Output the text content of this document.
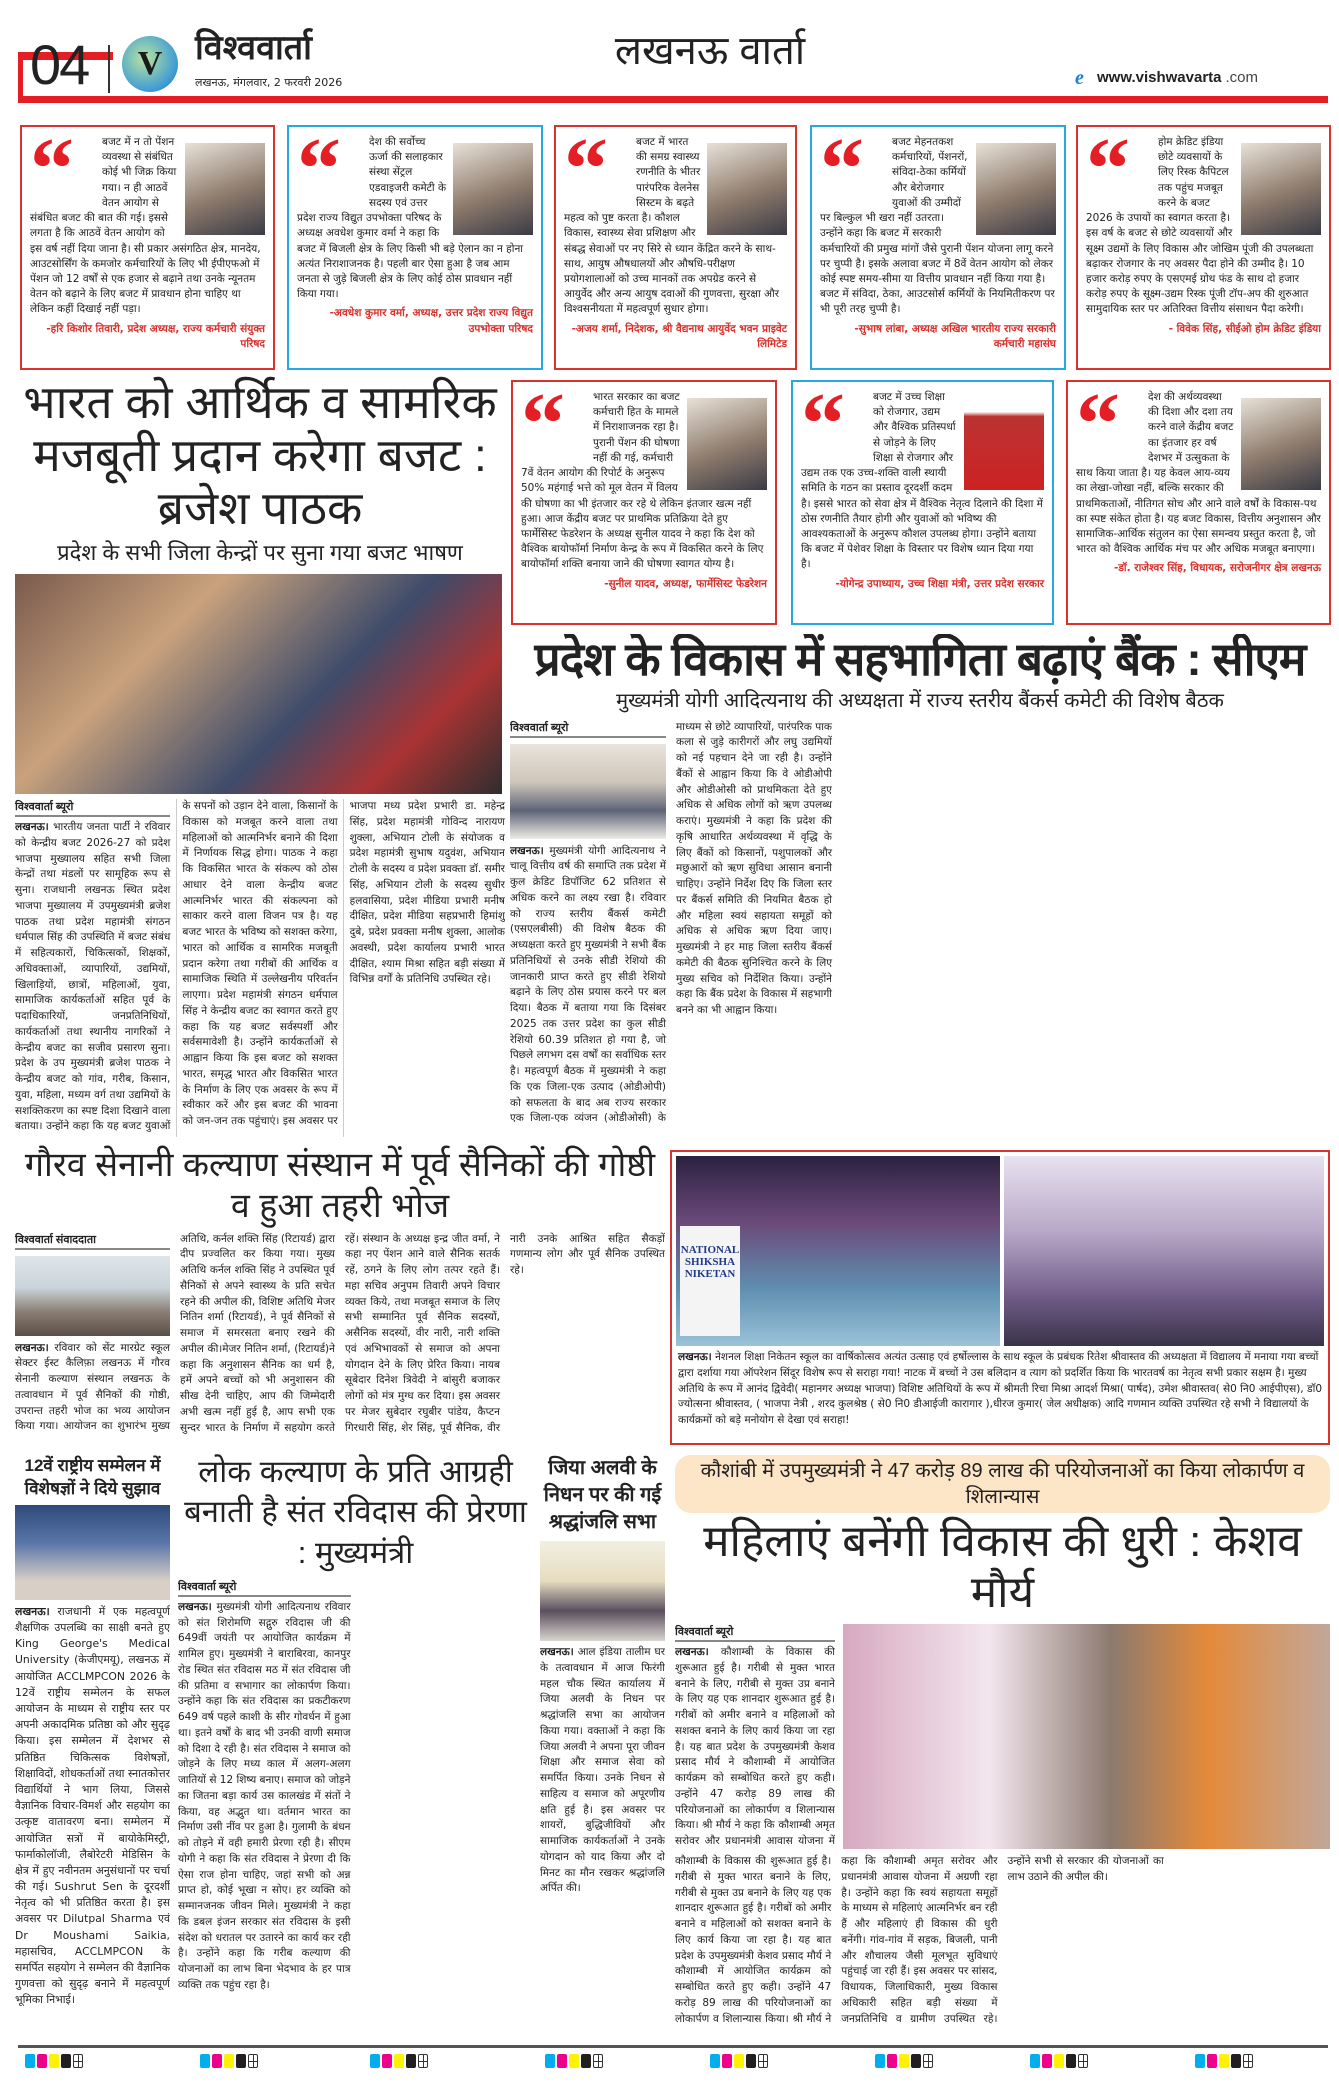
04	V विश्ववार्ता
लखनऊ, मंगलवार, 2 फरवरी 2026
लखनऊ वार्ता
e www.vishwavarta .com
“	बजट में न तो पेंशन व्यवस्था से संबंधित कोई भी जिक्र किया गया। न ही आठवें वेतन आयोग से संबंधित बजट की बात की गई। इससे लगता है कि आठवें वेतन आयोग को इस वर्ष नहीं दिया जाना है। सी प्रकार असंगठित क्षेत्र, मानदेय, आउटसोर्सिंग के कमजोर कर्मचारियों के लिए भी ईपीएफओ में पेंशन जो 12 वर्षों से एक हजार से बढ़ाने तथा उनके न्यूनतम वेतन को बढ़ाने के लिए बजट में प्रावधान होना चाहिए था लेकिन कहीं दिखाई नहीं पड़ा।
-हरि किशोर तिवारी, प्रदेश अध्यक्ष, राज्य कर्मचारी संयुक्त परिषद
“	देश की सर्वोच्च ऊर्जा की सलाहकार संस्था सेंट्रल एडवाइजरी कमेटी के सदस्य एवं उत्तर प्रदेश राज्य विद्युत उपभोक्ता परिषद के अध्यक्ष अवधेश कुमार वर्मा ने कहा कि बजट में बिजली क्षेत्र के लिए किसी भी बड़े ऐलान का न होना अत्यंत निराशाजनक है। पहली बार ऐसा हुआ है जब आम जनता से जुड़े बिजली क्षेत्र के लिए कोई ठोस प्रावधान नहीं किया गया।
-अवधेश कुमार वर्मा, अध्यक्ष, उत्तर प्रदेश राज्य विद्युत उपभोक्ता परिषद
“	बजट में भारत की समग्र स्वास्थ्य रणनीति के भीतर पारंपरिक वेलनेस सिस्टम के बढ़ते महत्व को पुष्ट करता है। कौशल विकास, स्वास्थ्य सेवा प्रशिक्षण और संबद्ध सेवाओं पर नए सिरे से ध्यान केंद्रित करने के साथ-साथ, आयुष औषधालयों और औषधि-परीक्षण प्रयोगशालाओं को उच्च मानकों तक अपग्रेड करने से आयुर्वेद और अन्य आयुष दवाओं की गुणवत्ता, सुरक्षा और विश्वसनीयता में महत्वपूर्ण सुधार होगा।
-अजय शर्मा, निदेशक, श्री वैद्यनाथ आयुर्वेद भवन प्राइवेट लिमिटेड
“	बजट मेहनतकश कर्मचारियों, पेंशनरों, संविदा-ठेका कर्मियों और बेरोजगार युवाओं की उम्मीदों पर बिल्कुल भी खरा नहीं उतरता। उन्होंने कहा कि बजट में सरकारी कर्मचारियों की प्रमुख मांगों जैसे पुरानी पेंशन योजना लागू करने पर चुप्पी है। इसके अलावा बजट में 8वें वेतन आयोग को लेकर कोई स्पष्ट समय-सीमा या वित्तीय प्रावधान नहीं किया गया है। बजट में संविदा, ठेका, आउटसोर्स कर्मियों के नियमितीकरण पर भी पूरी तरह चुप्पी है।
-सुभाष लांबा, अध्यक्ष अखिल भारतीय राज्य सरकारी कर्मचारी महासंघ
“	होम क्रेडिट इंडिया छोटे व्यवसायों के लिए रिस्क कैपिटल तक पहुंच मजबूत करने के बजट 2026 के उपायों का स्वागत करता है। इस वर्ष के बजट से छोटे व्यवसायों और सूक्ष्म उद्यमों के लिए विकास और जोखिम पूंजी की उपलब्धता बढ़ाकर रोजगार के नए अवसर पैदा होने की उम्मीद है। 10 हजार करोड़ रुपए के एसएमई ग्रोथ फंड के साथ दो हजार करोड़ रुपए के सूक्ष्म-उद्यम रिस्क पूंजी टॉप-अप की शुरुआत सामुदायिक स्तर पर अतिरिक्त वित्तीय संसाधन पैदा करेगी।
- विवेक सिंह, सीईओ होम क्रेडिट इंडिया
भारत को आर्थिक व सामरिक मजबूती प्रदान करेगा बजट : ब्रजेश पाठक
प्रदेश के सभी जिला केन्द्रों पर सुना गया बजट भाषण
विश्ववार्ता ब्यूरोलखनऊ। भारतीय जनता पार्टी ने रविवार को केन्द्रीय बजट 2026-27 को प्रदेश भाजपा मुख्यालय सहित सभी जिला केन्द्रों तथा मंडलों पर सामूहिक रूप से सुना। राजधानी लखनऊ स्थित प्रदेश भाजपा मुख्यालय में उपमुख्यमंत्री ब्रजेश पाठक तथा प्रदेश महामंत्री संगठन धर्मपाल सिंह की उपस्थिति में बजट संबंध में सहित्यकारों, चिकित्सकों, शिक्षकों, अधिवक्ताओं, व्यापारियों, उद्यमियों, खिलाड़ियों, छात्रों, महिलाओं, युवा, सामाजिक कार्यकर्ताओं सहित पूर्व के पदाधिकारियों, जनप्रतिनिधियों, कार्यकर्ताओं तथा स्थानीय नागरिकों ने केन्द्रीय बजट का सजीव प्रसारण सुना। प्रदेश के उप मुख्यमंत्री ब्रजेश पाठक ने केन्द्रीय बजट को गांव, गरीब, किसान, युवा, महिला, मध्यम वर्ग तथा उद्यमियों के सशक्तिकरण का स्पष्ट दिशा दिखाने वाला बताया। उन्होंने कहा कि यह बजट युवाओं के सपनों को उड़ान देने वाला, किसानों के विकास को मजबूत करने वाला तथा महिलाओं को आत्मनिर्भर बनाने की दिशा में निर्णायक सिद्ध होगा। पाठक ने कहा कि विकसित भारत के संकल्प को ठोस आधार देने वाला केन्द्रीय बजट आत्मनिर्भर भारत की संकल्पना को साकार करने वाला विजन पत्र है। यह बजट भारत के भविष्य को सशक्त करेगा, भारत को आर्थिक व सामरिक मजबूती प्रदान करेगा तथा गरीबों की आर्थिक व सामाजिक स्थिति में उल्लेखनीय परिवर्तन लाएगा। प्रदेश महामंत्री संगठन धर्मपाल सिंह ने केन्द्रीय बजट का स्वागत करते हुए कहा कि यह बजट सर्वस्पर्शी और सर्वसमावेशी है। उन्होंने कार्यकर्ताओं से आह्वान किया कि इस बजट को सशक्त भारत, समृद्ध भारत और विकसित भारत के निर्माण के लिए एक अवसर के रूप में स्वीकार करें और इस बजट की भावना को जन-जन तक पहुंचाएं। इस अवसर पर भाजपा मध्य प्रदेश प्रभारी डा. महेन्द्र सिंह, प्रदेश महामंत्री गोविन्द नारायण शुक्ला, अभियान टोली के संयोजक व प्रदेश महामंत्री सुभाष यदुवंश, अभियान टोली के सदस्य व प्रदेश प्रवक्ता डॉ. समीर सिंह, अभियान टोली के सदस्य सुधीर हलवासिया, प्रदेश मीडिया प्रभारी मनीष दीक्षित, प्रदेश मीडिया सहप्रभारी हिमांशु दुबे, प्रदेश प्रवक्ता मनीष शुक्ला, आलोक अवस्थी, प्रदेश कार्यालय प्रभारी भारत दीक्षित, श्याम मिश्रा सहित बड़ी संख्या में विभिन्न वर्गों के प्रतिनिधि उपस्थित रहे।
“	भारत सरकार का बजट कर्मचारी हित के मामले में निराशाजनक रहा है। पुरानी पेंशन की घोषणा नहीं की गई, कर्मचारी 7वें वेतन आयोग की रिपोर्ट के अनुरूप 50% महंगाई भत्ते को मूल वेतन में विलय की घोषणा का भी इंतजार कर रहे थे लेकिन इंतजार खत्म नहीं हुआ। आज केंद्रीय बजट पर प्राथमिक प्रतिक्रिया देते हुए फार्मेसिस्ट फेडरेशन के अध्यक्ष सुनील यादव ने कहा कि देश को वैश्विक बायोफॉर्मा निर्माण केन्द्र के रूप में विकसित करने के लिए बायोफॉर्मा शक्ति बनाया जाने की घोषणा स्वागत योग्य है।
-सुनील यादव, अध्यक्ष, फार्मेसिस्ट फेडरेशन
“	बजट में उच्च शिक्षा को रोजगार, उद्यम और वैश्विक प्रतिस्पर्धा से जोड़ने के लिए शिक्षा से रोजगार और उद्यम तक एक उच्च-शक्ति वाली स्थायी समिति के गठन का प्रस्ताव दूरदर्शी कदम है। इससे भारत को सेवा क्षेत्र में वैश्विक नेतृत्व दिलाने की दिशा में ठोस रणनीति तैयार होगी और युवाओं को भविष्य की आवश्यकताओं के अनुरूप कौशल उपलब्ध होगा। उन्होंने बताया कि बजट में पेशेवर शिक्षा के विस्तार पर विशेष ध्यान दिया गया है।
-योगेन्द्र उपाध्याय, उच्च शिक्षा मंत्री, उत्तर प्रदेश सरकार
“	देश की अर्थव्यवस्था की दिशा और दशा तय करने वाले केंद्रीय बजट का इंतजार हर वर्ष देशभर में उत्सुकता के साथ किया जाता है। यह केवल आय-व्यय का लेखा-जोखा नहीं, बल्कि सरकार की प्राथमिकताओं, नीतिगत सोच और आने वाले वर्षों के विकास-पथ का स्पष्ट संकेत होता है। यह बजट विकास, वित्तीय अनुशासन और सामाजिक-आर्थिक संतुलन का ऐसा समन्वय प्रस्तुत करता है, जो भारत को वैश्विक आर्थिक मंच पर और अधिक मजबूत बनाएगा।
-डॉ. राजेश्वर सिंह, विधायक, सरोजनीगर क्षेत्र लखनऊ
प्रदेश के विकास में सहभागिता बढ़ाएं बैंक : सीएम
मुख्यमंत्री योगी आदित्यनाथ की अध्यक्षता में राज्य स्तरीय बैंकर्स कमेटी की विशेष बैठक
विश्ववार्ता ब्यूरो
लखनऊ। मुख्यमंत्री योगी आदित्यनाथ ने चालू वित्तीय वर्ष की समाप्ति तक प्रदेश में कुल क्रेडिट डिपॉजिट 62 प्रतिशत से अधिक करने का लक्ष्य रखा है। रविवार को राज्य स्तरीय बैंकर्स कमेटी (एसएलबीसी) की विशेष बैठक की अध्यक्षता करते हुए मुख्यमंत्री ने सभी बैंक प्रतिनिधियों से उनके सीडी रेशियो की जानकारी प्राप्त करते हुए सीडी रेशियो बढ़ाने के लिए ठोस प्रयास करने पर बल दिया। बैठक में बताया गया कि दिसंबर 2025 तक उत्तर प्रदेश का कुल सीडी रेशियो 60.39 प्रतिशत हो गया है, जो पिछले लगभग दस वर्षों का सर्वाधिक स्तर है। महत्वपूर्ण बैठक में मुख्यमंत्री ने कहा कि एक जिला-एक उत्पाद (ओडीओपी) को सफलता के बाद अब राज्य सरकार एक जिला-एक व्यंजन (ओडीओसी) के माध्यम से छोटे व्यापारियों, पारंपरिक पाक कला से जुड़े कारीगरों और लघु उद्यमियों को नई पहचान देने जा रही है। उन्होंने बैंकों से आह्वान किया कि वे ओडीओपी और ओडीओसी को प्राथमिकता देते हुए अधिक से अधिक लोगों को ऋण उपलब्ध कराएं। मुख्यमंत्री ने कहा कि प्रदेश की कृषि आधारित अर्थव्यवस्था में वृद्धि के लिए बैंकों को किसानों, पशुपालकों और मछुआरों को ऋण सुविधा आसान बनानी चाहिए। उन्होंने निर्देश दिए कि जिला स्तर पर बैंकर्स समिति की नियमित बैठक हो और महिला स्वयं सहायता समूहों को अधिक से अधिक ऋण दिया जाए। मुख्यमंत्री ने हर माह जिला स्तरीय बैंकर्स कमेटी की बैठक सुनिश्चित करने के लिए मुख्य सचिव को निर्देशित किया। उन्होंने कहा कि बैंक प्रदेश के विकास में सहभागी बनने का भी आह्वान किया।
गौरव सेनानी कल्याण संस्थान में पूर्व सैनिकों की गोष्ठी व हुआ तहरी भोज
विश्ववार्ता संवाददाता
लखनऊ। रविवार को सेंट मारग्रेट स्कूल सेक्टर ईस्ट कैलिफ़ा लखनऊ में गौरव सेनानी कल्याण संस्थान लखनऊ के तत्वावधान में पूर्व सैनिकों की गोष्ठी, उपरान्त तहरी भोज का भव्य आयोजन किया गया। आयोजन का शुभारंभ मुख्य अतिथि, कर्नल शक्ति सिंह (रिटायर्ड) द्वारा दीप प्रज्वलित कर किया गया। मुख्य अतिथि कर्नल शक्ति सिंह ने उपस्थित पूर्व सैनिकों से अपने स्वास्थ्य के प्रति सचेत रहने की अपील की, विशिष्ट अतिथि मेजर नितिन शर्मा (रिटायर्ड), ने पूर्व सैनिकों से समाज में समरसता बनाए रखने की अपील की।मेजर नितिन शर्मा, (रिटायर्ड)ने कहा कि अनुशासन सैनिक का धर्म है, हमें अपने बच्चों को भी अनुशासन की सीख देनी चाहिए, आप की जिम्मेदारी अभी खत्म नहीं हुई है, आप सभी एक सुन्दर भारत के निर्माण में सहयोग करते रहें। संस्थान के अध्यक्ष इन्द्र जीत वर्मा, ने कहा नए पेंशन आने वाले सैनिक सतर्क रहें, ठगने के लिए लोग तत्पर रहते हैं। महा सचिव अनुपम तिवारी अपने विचार व्यक्त किये, तथा मजबूत समाज के लिए सभी सम्मानित पूर्व सैनिक सदस्यों, असैनिक सदस्यों, वीर नारी, नारी शक्ति एवं अभिभावकों से समाज को अपना योगदान देने के लिए प्रेरित किया। नायब सूबेदार दिनेश त्रिवेदी ने बांसुरी बजाकर लोगों को मंत्र मुग्ध कर दिया। इस अवसर पर मेजर सुबेदार रघुबीर पांडेय, कैप्टन गिरधारी सिंह, शेर सिंह, पूर्व सैनिक, वीर नारी उनके आश्रित सहित सैकड़ों गणमान्य लोग और पूर्व सैनिक उपस्थित रहे।
NATIONAL SHIKSHA NIKETAN
लखनऊ। नेशनल शिक्षा निकेतन स्कूल का वार्षिकोत्सव अत्यंत उत्साह एवं हर्षोल्लास के साथ स्कूल के प्रबंधक रितेश श्रीवास्तव की अध्यक्षता में विद्यालय में मनाया गया बच्चों द्वारा दर्शाया गया ऑपरेशन सिंदूर विशेष रूप से सराहा गया! नाटक में बच्चों ने उस बलिदान व त्याग को प्रदर्शित किया कि भारतवर्ष का नेतृत्व सभी प्रकार सक्षम है। मुख्य अतिथि के रूप में आनंद द्विवेदी( महानगर अध्यक्ष भाजपा) विशिष्ट अतिथियों के रूप में श्रीमती रिचा मिश्रा आदर्श मिश्रा( पार्षद), उमेश श्रीवास्तव( से0 नि0 आईपीएस), डॉ0 ज्योत्सना श्रीवास्तव, ( भाजपा नेत्री , शरद कुलश्रेष्ठ ( से0 नि0 डीआईजी कारागार ),धीरज कुमार( जेल अधीक्षक) आदि गणमान व्यक्ति उपस्थित रहे सभी ने विद्यालयों के कार्यक्रमों को बड़े मनोयोग से देखा एवं सराहा!
12वें राष्ट्रीय सम्मेलन में विशेषज्ञों ने दिये सुझाव
लखनऊ। राजधानी में एक महत्वपूर्ण शैक्षणिक उपलब्धि का साक्षी बनते हुए King George's Medical University (केजीएमयू), लखनऊ में आयोजित ACCLMPCON 2026 के 12वें राष्ट्रीय सम्मेलन के सफल आयोजन के माध्यम से राष्ट्रीय स्तर पर अपनी अकादमिक प्रतिष्ठा को और सुदृढ़ किया। इस सम्मेलन में देशभर से प्रतिष्ठित चिकित्सक विशेषज्ञों, शिक्षाविदों, शोधकर्ताओं तथा स्नातकोत्तर विद्यार्थियों ने भाग लिया, जिससे वैज्ञानिक विचार-विमर्श और सहयोग का उत्कृष्ट वातावरण बना। सम्मेलन में आयोजित सत्रों में बायोकेमिस्ट्री, फार्माकोलॉजी, लैबोरेटरी मेडिसिन के क्षेत्र में हुए नवीनतम अनुसंधानों पर चर्चा की गई। Sushrut Sen के दूरदर्शी नेतृत्व को भी प्रतिष्ठित करता है। इस अवसर पर Dilutpal Sharma एवं Dr Moushami Saikia, महासचिव, ACCLMPCON के समर्पित सहयोग ने सम्मेलन की वैज्ञानिक गुणवत्ता को सुदृढ़ बनाने में महत्वपूर्ण भूमिका निभाई।
लोक कल्याण के प्रति आग्रही बनाती है संत रविदास की प्रेरणा : मुख्यमंत्री
विश्ववार्ता ब्यूरोलखनऊ। मुख्यमंत्री योगी आदित्यनाथ रविवार को संत शिरोमणि सद्गुरु रविदास जी की 649वीं जयंती पर आयोजित कार्यक्रम में शामिल हुए। मुख्यमंत्री ने बाराबिरवा, कानपुर रोड स्थित संत रविदास मठ में संत रविदास जी की प्रतिमा व सभागार का लोकार्पण किया। उन्होंने कहा कि संत रविदास का प्रकटीकरण 649 वर्ष पहले काशी के सीर गोवर्धन में हुआ था। इतने वर्षों के बाद भी उनकी वाणी समाज को दिशा दे रही है। संत रविदास ने समाज को जोड़ने के लिए मध्य काल में अलग-अलग जातियों से 12 शिष्य बनाए। समाज को जोड़ने का जितना बड़ा कार्य उस कालखंड में संतों ने किया, वह अद्भुत था। वर्तमान भारत का निर्माण उसी नींव पर हुआ है। गुलामी के बंधन को तोड़ने में वही हमारी प्रेरणा रही है। सीएम योगी ने कहा कि संत रविदास ने प्रेरणा दी कि ऐसा राज होना चाहिए, जहां सभी को अन्न प्राप्त हो, कोई भूखा न सोए। हर व्यक्ति को सम्मानजनक जीवन मिले। मुख्यमंत्री ने कहा कि डबल इंजन सरकार संत रविदास के इसी संदेश को धरातल पर उतारने का कार्य कर रही है। उन्होंने कहा कि गरीब कल्याण की योजनाओं का लाभ बिना भेदभाव के हर पात्र व्यक्ति तक पहुंच रहा है।
जिया अलवी के निधन पर की गई श्रद्धांजलि सभा
लखनऊ। आल इंडिया तालीम घर के तत्वावधान में आज फिरंगी महल चौक स्थित कार्यालय में जिया अलवी के निधन पर श्रद्धांजलि सभा का आयोजन किया गया। वक्ताओं ने कहा कि जिया अलवी ने अपना पूरा जीवन शिक्षा और समाज सेवा को समर्पित किया। उनके निधन से साहित्य व समाज को अपूरणीय क्षति हुई है। इस अवसर पर शायरों, बुद्धिजीवियों और सामाजिक कार्यकर्ताओं ने उनके योगदान को याद किया और दो मिनट का मौन रखकर श्रद्धांजलि अर्पित की।
कौशांबी में उपमुख्यमंत्री ने 47 करोड़ 89 लाख की परियोजनाओं का किया लोकार्पण व शिलान्यास
महिलाएं बनेंगी विकास की धुरी : केशव मौर्य
विश्ववार्ता ब्यूरोलखनऊ। कौशाम्बी के विकास की शुरूआत हुई है। गरीबी से मुक्त भारत बनाने के लिए, गरीबी से मुक्त उप्र बनाने के लिए यह एक शानदार शुरूआत हुई है। गरीबों को अमीर बनाने व महिलाओं को सशक्त बनाने के लिए कार्य किया जा रहा है। यह बात प्रदेश के उपमुख्यमंत्री केशव प्रसाद मौर्य ने कौशाम्बी में आयोजित कार्यक्रम को सम्बोधित करते हुए कही। उन्होंने 47 करोड़ 89 लाख की परियोजनाओं का लोकार्पण व शिलान्यास किया। श्री मौर्य ने कहा कि कौशाम्बी अमृत सरोवर और प्रधानमंत्री आवास योजना में
कौशाम्बी के विकास की शुरूआत हुई है। गरीबी से मुक्त भारत बनाने के लिए, गरीबी से मुक्त उप्र बनाने के लिए यह एक शानदार शुरूआत हुई है। गरीबों को अमीर बनाने व महिलाओं को सशक्त बनाने के लिए कार्य किया जा रहा है। यह बात प्रदेश के उपमुख्यमंत्री केशव प्रसाद मौर्य ने कौशाम्बी में आयोजित कार्यक्रम को सम्बोधित करते हुए कही। उन्होंने 47 करोड़ 89 लाख की परियोजनाओं का लोकार्पण व शिलान्यास किया। श्री मौर्य ने कहा कि कौशाम्बी अमृत सरोवर और प्रधानमंत्री आवास योजना में अग्रणी रहा है। उन्होंने कहा कि स्वयं सहायता समूहों के माध्यम से महिलाएं आत्मनिर्भर बन रही हैं और महिलाएं ही विकास की धुरी बनेंगी। गांव-गांव में सड़क, बिजली, पानी और शौचालय जैसी मूलभूत सुविधाएं पहुंचाई जा रही हैं। इस अवसर पर सांसद, विधायक, जिलाधिकारी, मुख्य विकास अधिकारी सहित बड़ी संख्या में जनप्रतिनिधि व ग्रामीण उपस्थित रहे। उन्होंने सभी से सरकार की योजनाओं का लाभ उठाने की अपील की।
